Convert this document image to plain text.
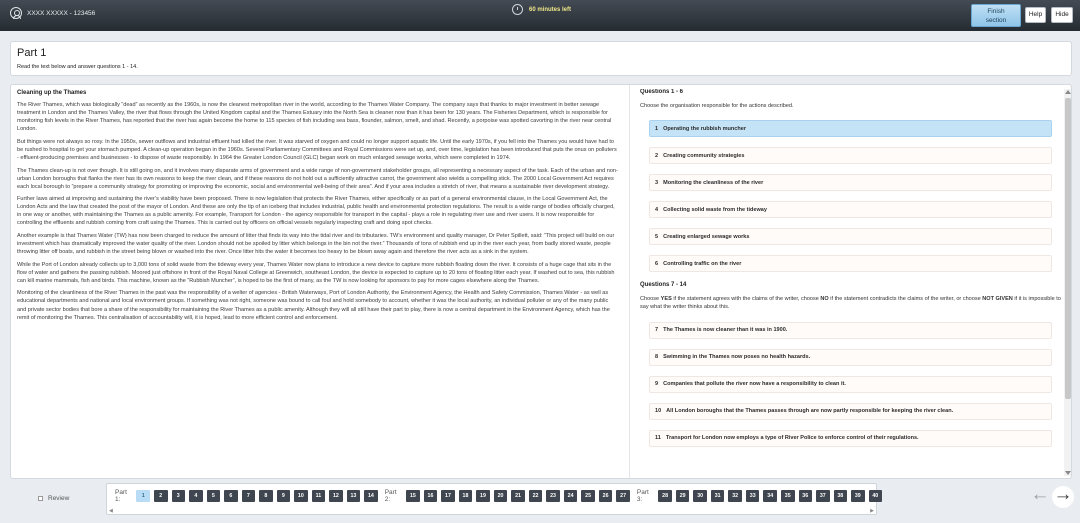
XXXX XXXXX - 123456	60 minutes left	Finish
section
Help	Hide
Part 1

Read the text below and answer questions 1 - 14.

Cleaning up the Thames

The River Thames, which was biologically “dead” as recently as the 1960s, is now the cleanest metropolitan river in the world, according to the Thames Water Company. The company says that thanks to major investment in better sewage treatment in London and the Thames Valley, the river that flows through the United Kingdom capital and the Thames Estuary into the North Sea is cleaner now than it has been for 130 years. The Fisheries Department, which is responsible for monitoring fish levels in the River Thames, has reported that the river has again become the home to 115 species of fish including sea bass, flounder, salmon, smelt, and shad. Recently, a porpoise was spotted cavorting in the river near central London.

But things were not always so rosy. In the 1950s, sewer outflows and industrial effluent had killed the river. It was starved of oxygen and could no longer support aquatic life. Until the early 1970s, if you fell into the Thames you would have had to be rushed to hospital to get your stomach pumped. A clean-up operation began in the 1960s. Several Parliamentary Committees and Royal Commissions were set up, and, over time, legislation has been introduced that puts the onus on polluters - effluent-producing premises and businesses - to dispose of waste responsibly. In 1964 the Greater London Council (GLC) began work on much enlarged sewage works, which were completed in 1974.

The Thames clean-up is not over though. It is still going on, and it involves many disparate arms of government and a wide range of non-government stakeholder groups, all representing a necessary aspect of the task. Each of the urban and non-urban London boroughs that flanks the river has its own reasons to keep the river clean, and if these reasons do not hold out a sufficiently attractive carrot, the government also wields a compelling stick. The 2000 Local Government Act requires each local borough to “prepare a community strategy for promoting or improving the economic, social and environmental well-being of their area”. And if your area includes a stretch of river, that means a sustainable river development strategy.

Further laws aimed at improving and sustaining the river’s viability have been proposed. There is now legislation that protects the River Thames, either specifically or as part of a general environmental clause, in the Local Government Act, the London Acts and the law that created the post of the mayor of London. And these are only the tip of an iceberg that includes industrial, public health and environmental protection regulations. The result is a wide range of bodies officially charged, in one way or another, with maintaining the Thames as a public amenity. For example, Transport for London - the agency responsible for transport in the capital - plays a role in regulating river use and river users. It is now responsible for controlling the effluents and rubbish coming from craft using the Thames. This is carried out by officers on official vessels regularly inspecting craft and doing spot checks.

Another example is that Thames Water (TW) has now been charged to reduce the amount of litter that finds its way into the tidal river and its tributaries. TW’s environment and quality manager, Dr Peter Spillett, said: “This project will build on our investment which has dramatically improved the water quality of the river. London should not be spoiled by litter which belongs in the bin not the river.” Thousands of tons of rubbish end up in the river each year, from badly stored waste, people throwing litter off boats, and rubbish in the street being blown or washed into the river. Once litter hits the water it becomes too heavy to be blown away again and therefore the river acts as a sink in the system.

While the Port of London already collects up to 3,000 tons of solid waste from the tideway every year, Thames Water now plans to introduce a new device to capture more rubbish floating down the river. It consists of a huge cage that sits in the flow of water and gathers the passing rubbish. Moored just offshore in front of the Royal Naval College at Greenwich, southeast London, the device is expected to capture up to 20 tons of floating litter each year. If washed out to sea, this rubbish can kill marine mammals, fish and birds. This machine, known as the “Rubbish Muncher”, is hoped to be the first of many, as the TW is now looking for sponsors to pay for more cages elsewhere along the Thames.

Monitoring of the cleanliness of the River Thames in the past was the responsibility of a welter of agencies - British Waterways, Port of London Authority, the Environment Agency, the Health and Safety Commission, Thames Water - as well as educational departments and national and local environment groups. If something was not right, someone was bound to call foul and hold somebody to account, whether it was the local authority, an individual polluter or any of the many public and private sector bodies that bore a share of the responsibility for maintaining the River Thames as a public amenity. Although they will all still have their part to play, there is now a central department in the Environment Agency, which has the remit of monitoring the Thames. This centralisation of accountability will, it is hoped, lead to more efficient control and enforcement.

Questions 1 - 6
Choose the organisation responsible for the actions described.
1 Operating the rubbish muncher
2 Creating community strategies
3 Monitoring the cleanliness of the river
4 Collecting solid waste from the tideway
5 Creating enlarged sewage works
6 Controlling traffic on the river
Questions 7 - 14
Choose YES if the statement agrees with the claims of the writer, choose NO if the statement contradicts the claims of the writer, or choose NOT GIVEN if it is impossible to say what the writer thinks about this.
7 The Thames is now cleaner than it was in 1900.
8 Swimming in the Thames now poses no health hazards.
9 Companies that pollute the river now have a responsibility to clean it.
10 All London boroughs that the Thames passes through are now partly responsible for keeping the river clean.
11 Transport for London now employs a type of River Police to enforce control of their regulations.
Review
Part 1:	1	2	3	4	5	6	7	8	9	10	11	12	13	14	Part 2:	15	16	17	18	19	20	21	22	23	24	25	26	27	Part 3:	28	29	30	31	32	33	34	35	36	37	38	39	40
◀	▶
← →
